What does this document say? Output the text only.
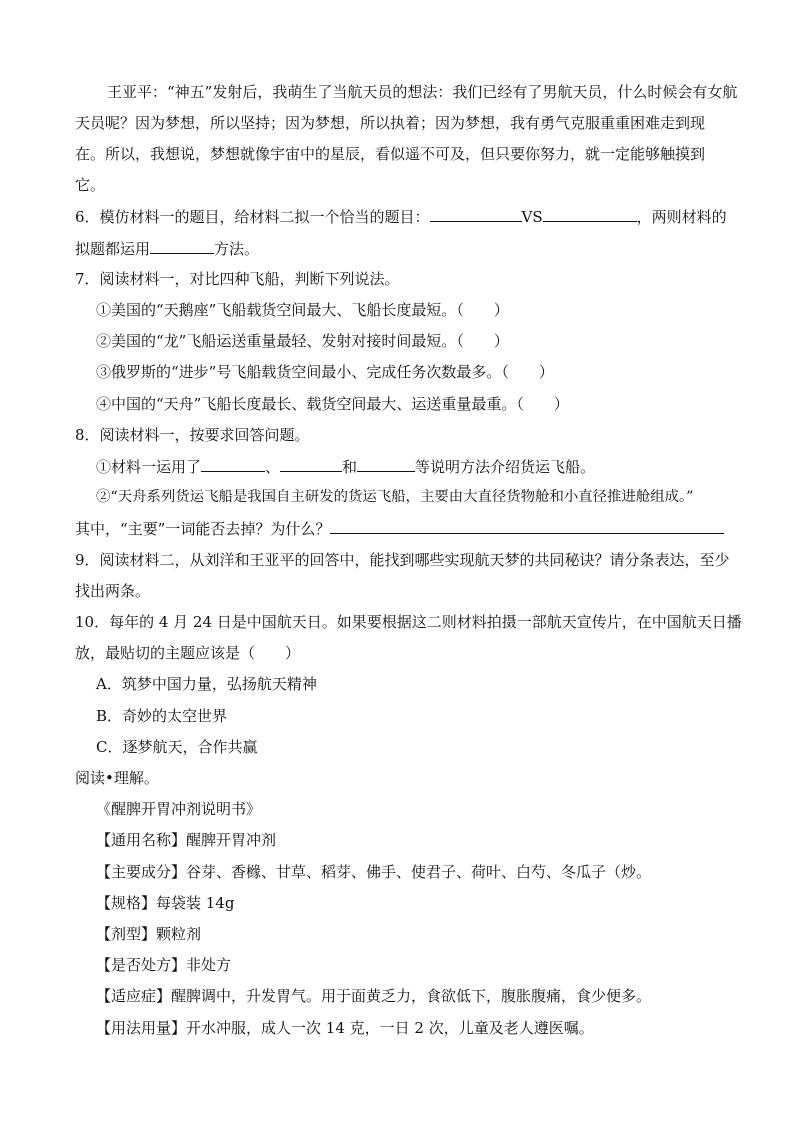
王亚平：“神五”发射后，我萌生了当航天员的想法：我们已经有了男航天员，什么时候会有女航
天员呢？因为梦想，所以坚持；因为梦想，所以执着；因为梦想，我有勇气克服重重困难走到现
在。所以，我想说，梦想就像宇宙中的星辰，看似遥不可及，但只要你努力，就一定能够触摸到
它。
6．模仿材料一的题目，给材料二拟一个恰当的题目：	VS	，两则材料的
拟题都运用	方法。
7．阅读材料一，对比四种飞船，判断下列说法。
①美国的“天鹅座”飞船载货空间最大、飞船长度最短。（　　）
②美国的“龙”飞船运送重量最轻、发射对接时间最短。（　　）
③俄罗斯的“进步”号飞船载货空间最小、完成任务次数最多。（　　）
④中国的“天舟”飞船长度最长、载货空间最大、运送重量最重。（　　）
8．阅读材料一，按要求回答问题。
①材料一运用了	、	和	等说明方法介绍货运飞船。
②“天舟系列货运飞船是我国自主研发的货运飞船，主要由大直径货物舱和小直径推进舱组成。”
其中，“主要”一词能否去掉？为什么？
9．阅读材料二，从刘洋和王亚平的回答中，能找到哪些实现航天梦的共同秘诀？请分条表达，至少
找出两条。
10．每年的 4 月 24 日是中国航天日。如果要根据这二则材料拍摄一部航天宣传片，在中国航天日播
放，最贴切的主题应该是（　　）
A．筑梦中国力量，弘扬航天精神
B．奇妙的太空世界
C．逐梦航天，合作共赢
阅读•理解。
《醒脾开胃冲剂说明书》
【通用名称】醒脾开胃冲剂
【主要成分】谷芽、香橼、甘草、稻芽、佛手、使君子、荷叶、白芍、冬瓜子（炒。
【规格】每袋装 14g
【剂型】颗粒剂
【是否处方】非处方
【适应症】醒脾调中，升发胃气。用于面黄乏力，食欲低下，腹胀腹痛，食少便多。
【用法用量】开水冲服，成人一次 14 克，一日 2 次，儿童及老人遵医嘱。
